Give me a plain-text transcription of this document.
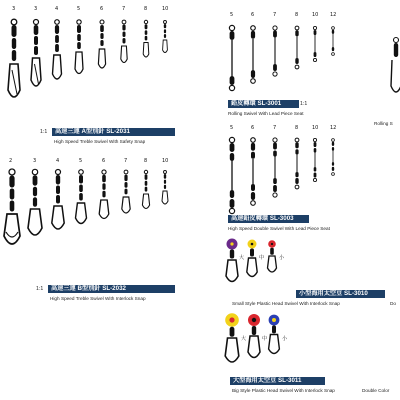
3	3	4	5	6	7	8	10
1:1	高速三連 A型別針 SL-2031
High Speed Treble Swivel With Safety Snap
2	3	4	5	6	7	8	10
1:1	高速三連 B型別針 SL-2032
High Speed Treble Swivel With Interlock Snap
5	6	7	8	10 12
鉛皮轉環 SL-3001	1:1
Rolling Swivel With Lead Piece Seat
Rolling S
5	6	7	8	10 12
高速鉛皮轉環 SL-3003
High Speed Double Swivel With Lead Piece Seat
大	中	小
小型海用太空豆 SL-3010
Small Style Plastic Head Swivel With Interlock Snap	Do
大	中	小
大型海用太空豆 SL-3011
Big Style Plastic Head Swivel With Interlock Snap	Double Color
